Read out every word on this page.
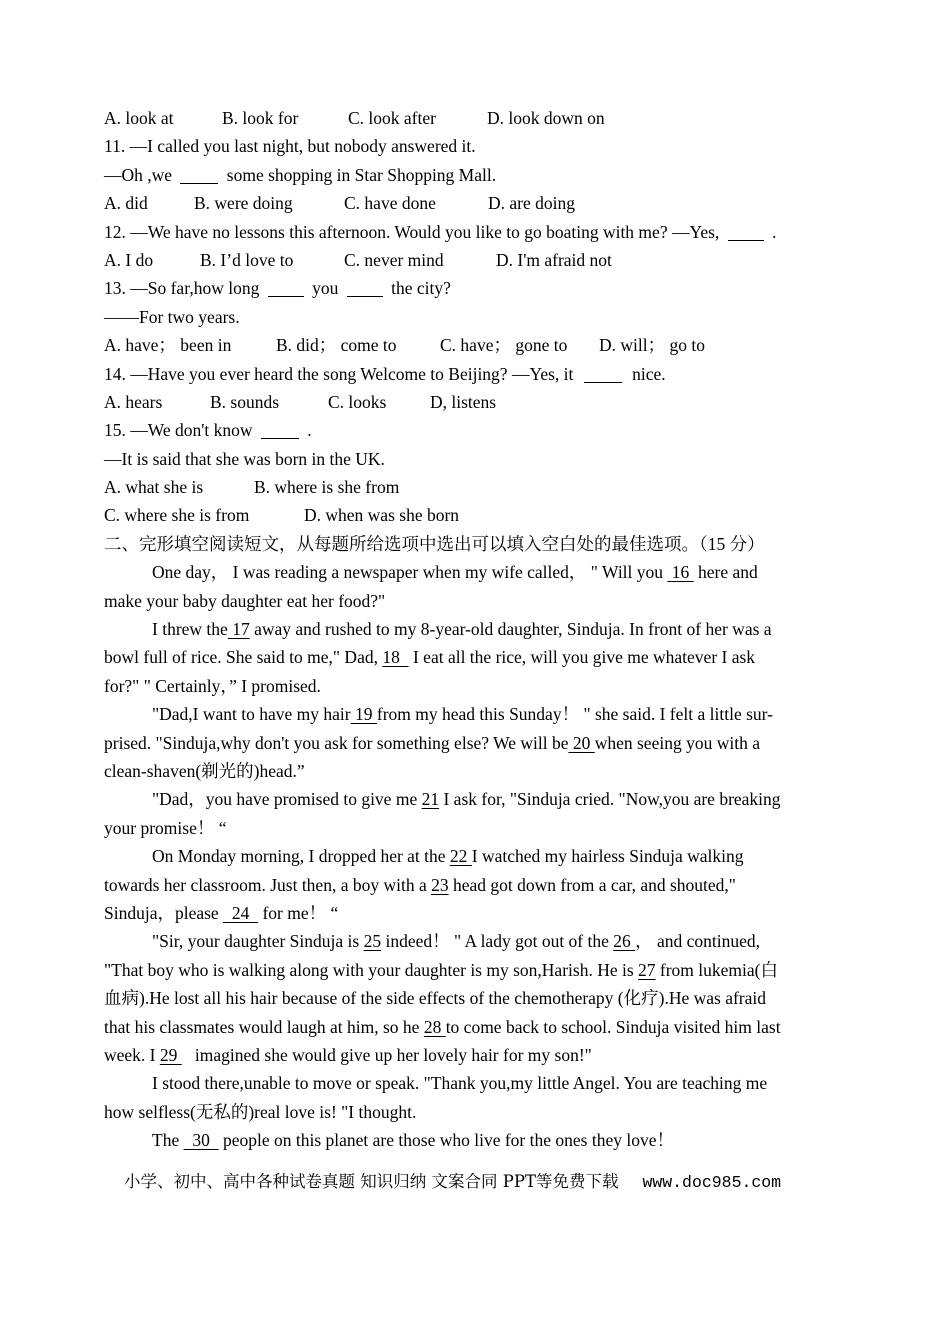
A. look at	B. look for	C. look after	D. look down on
11. ―I called you last night, but nobody answered it.
―Oh ,we	some shopping in Star Shopping Mall.
A. did	B. were doing	C. have done	D. are doing
12. ―We have no lessons this afternoon. Would you like to go boating with me? ―Yes,	.
A. I do	B. I’d love to	C. never mind	D. I'm afraid not
13. ―So far,how long	you	the city?
――For two years.
A. have； been in	B. did； come to C. have； gone to D. will； go to
14. ―Have you ever heard the song Welcome to Beijing? ―Yes, it	nice.
A. hears	B. sounds	C. looks D, listens
15. ―We don't know	.
―It is said that she was born in the UK.
A. what she is	B. where is she from
C. where she is from	D. when was she born
二、完形填空阅读短文，从每题所给选项中选出可以填入空白处的最佳选项。（15 分）
One day， I was reading a newspaper when my wife called， " Will you 16 here and
make your baby daughter eat her food?"
I threw the 17 away and rushed to my 8-year-old daughter, Sinduja. In front of her was a
bowl full of rice. She said to me," Dad, 18 I eat all the rice, will you give me whatever I ask
for?" " Certainly，” I promised.
"Dad,I want to have my hair 19 from my head this Sunday！ " she said. I felt a little sur-
prised. "Sinduja,why don't you ask for something else? We will be 20 when seeing you with a
clean-shaven(剃光的)head.”
"Dad，you have promised to give me 21 I ask for, "Sinduja cried. "Now,you are breaking
your promise！ “
On Monday morning, I dropped her at the 22 I watched my hairless Sinduja walking
towards her classroom. Just then, a boy with a 23 head got down from a car, and shouted,"
Sinduja，please 24 for me！ “
"Sir, your daughter Sinduja is 25 indeed！ " A lady got out of the 26 ， and continued,
"That boy who is walking along with your daughter is my son,Harish. He is 27 from lukemia(白
血病).He lost all his hair because of the side effects of the chemotherapy (化疗).He was afraid
that his classmates would laugh at him, so he 28 to come back to school. Sinduja visited him last
week. I 29 imagined she would give up her lovely hair for my son!"
I stood there,unable to move or speak. "Thank you,my little Angel. You are teaching me
how selfless(无私的)real love is! "I thought.
The 30 people on this planet are those who live for the ones they love！
小学、初中、高中各种试卷真题 知识归纳 文案合同 PPT等免费下载 www.doc985.com
